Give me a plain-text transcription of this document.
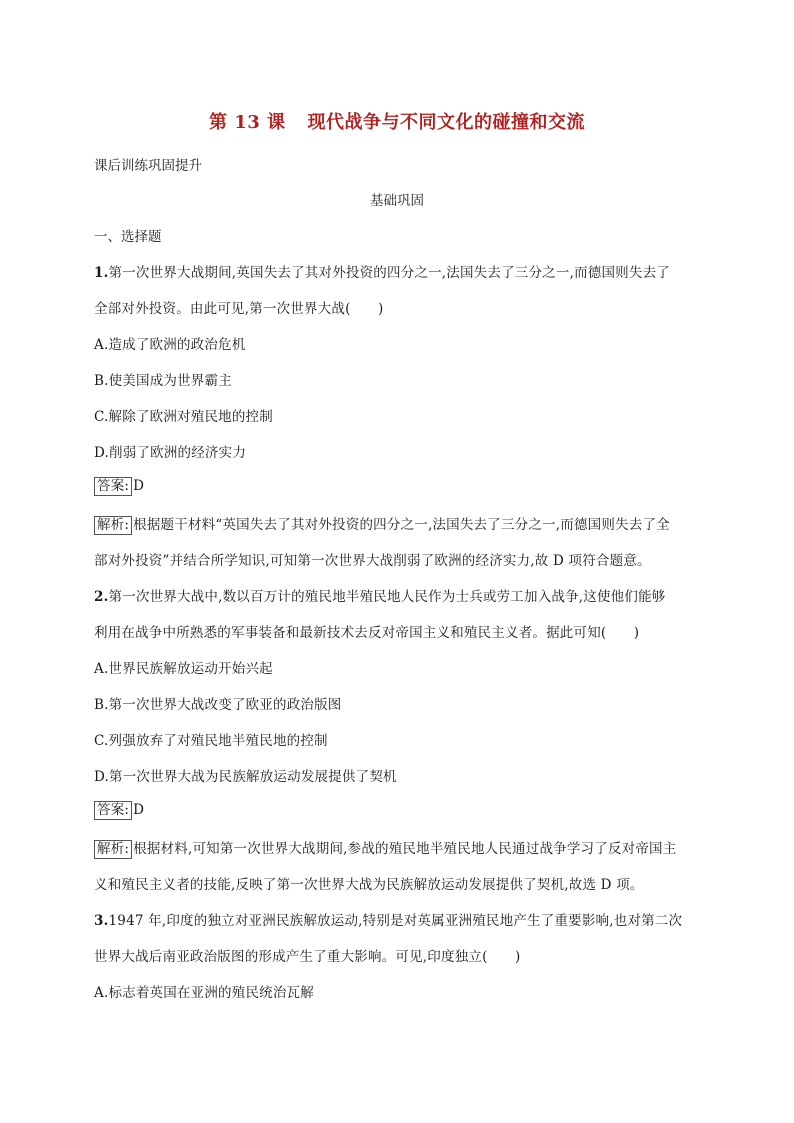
第 13 课 现代战争与不同文化的碰撞和交流
课后训练巩固提升
基础巩固
一、选择题
1.第一次世界大战期间,英国失去了其对外投资的四分之一,法国失去了三分之一,而德国则失去了
全部对外投资。由此可见,第一次世界大战(　　)
A.造成了欧洲的政治危机
B.使美国成为世界霸主
C.解除了欧洲对殖民地的控制
D.削弱了欧洲的经济实力
答案: D
解析: 根据题干材料“英国失去了其对外投资的四分之一,法国失去了三分之一,而德国则失去了全
部对外投资”并结合所学知识,可知第一次世界大战削弱了欧洲的经济实力,故 D 项符合题意。
2.第一次世界大战中,数以百万计的殖民地半殖民地人民作为士兵或劳工加入战争,这使他们能够
利用在战争中所熟悉的军事装备和最新技术去反对帝国主义和殖民主义者。据此可知(　　)
A.世界民族解放运动开始兴起
B.第一次世界大战改变了欧亚的政治版图
C.列强放弃了对殖民地半殖民地的控制
D.第一次世界大战为民族解放运动发展提供了契机
答案: D
解析: 根据材料,可知第一次世界大战期间,参战的殖民地半殖民地人民通过战争学习了反对帝国主
义和殖民主义者的技能,反映了第一次世界大战为民族解放运动发展提供了契机,故选 D 项。
3.1947 年,印度的独立对亚洲民族解放运动,特别是对英属亚洲殖民地产生了重要影响,也对第二次
世界大战后南亚政治版图的形成产生了重大影响。可见,印度独立(　　)
A.标志着英国在亚洲的殖民统治瓦解
